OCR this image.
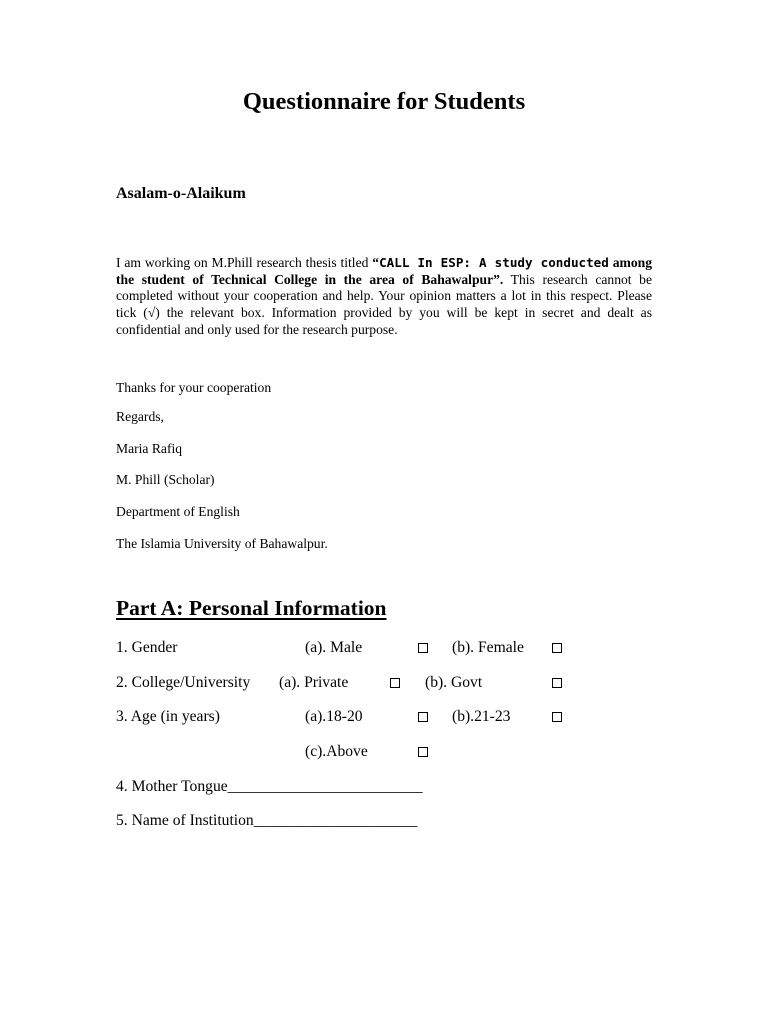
Questionnaire for Students

Asalam-o-Alaikum

I am working on M.Phill research thesis titled “CALL In ESP: A study conducted among the student of Technical College in the area of Bahawalpur”. This research cannot be completed without your cooperation and help. Your opinion matters a lot in this respect. Please tick (√) the relevant box. Information provided by you will be kept in secret and dealt as confidential and only used for the research purpose.

Thanks for your cooperation

Regards,

Maria Rafiq

M. Phill (Scholar)

Department of English

The Islamia University of Bahawalpur.

Part A: Personal Information

1. Gender	(a). Male	(b). Female

2. College/University (a). Private	(b). Govt

3. Age (in years)	(a).18-20	(b).21-23

(c).Above

4. Mother Tongue_________________________

5. Name of Institution_____________________
